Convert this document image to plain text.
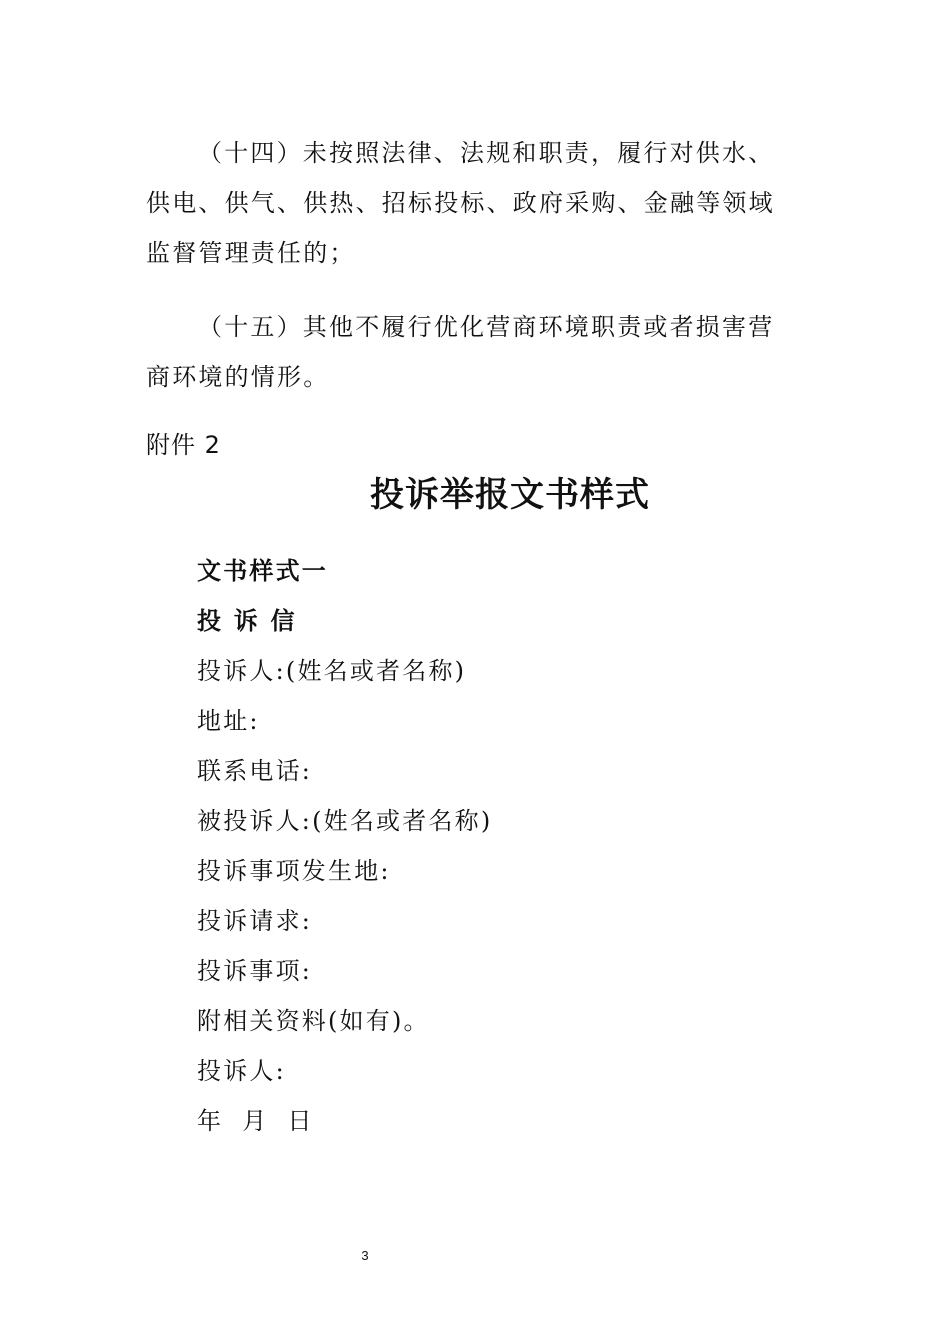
（十四）未按照法律、法规和职责，履行对供水、供电、供气、供热、招标投标、政府采购、金融等领域监督管理责任的；

（十五）其他不履行优化营商环境职责或者损害营商环境的情形。

附件 2

投诉举报文书样式
文书样式一
投 诉 信
投诉人:(姓名或者名称)
地址:
联系电话:
被投诉人:(姓名或者名称)
投诉事项发生地:
投诉请求:
投诉事项:
附相关资料(如有)。
投诉人:
年  月  日

3
